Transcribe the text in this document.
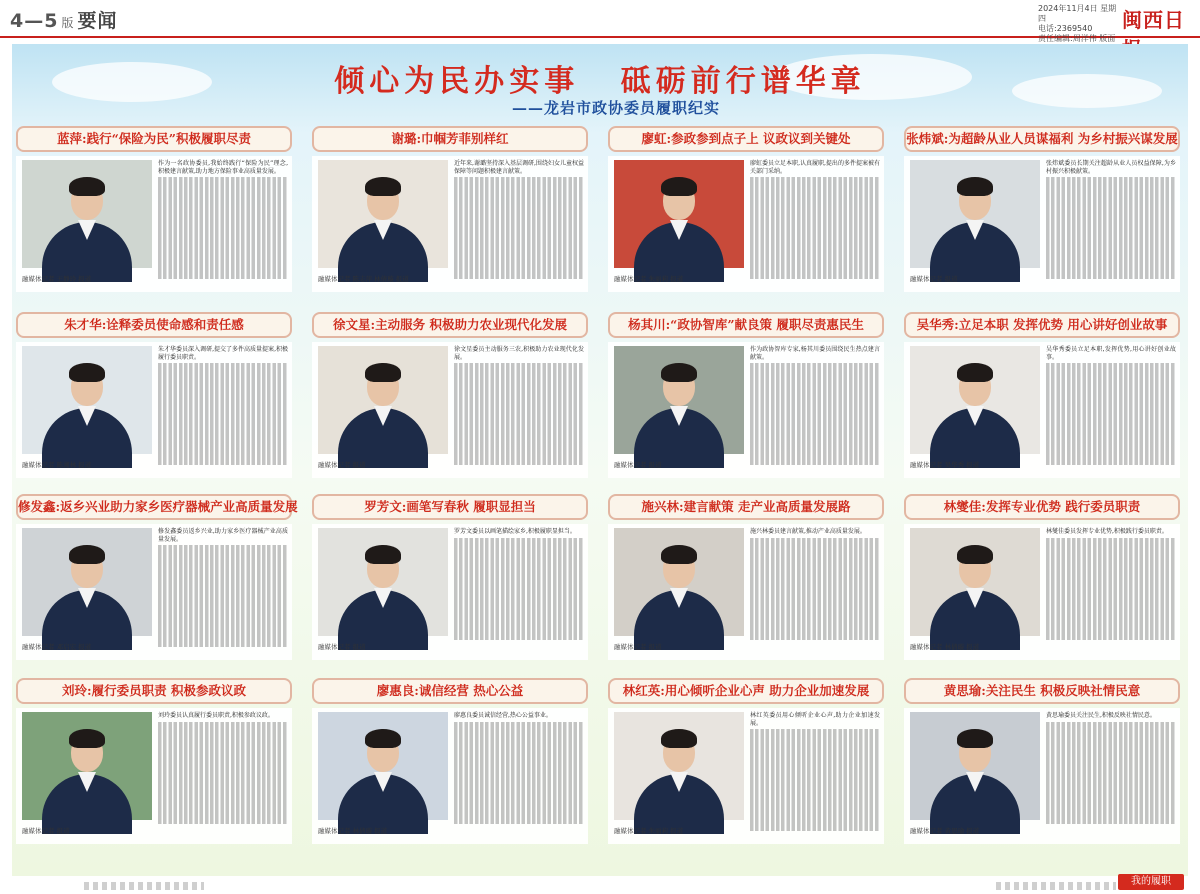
4—5 版 要闻
2024年11月4日 星期四
电话:2369540
责任编辑:周洋伟 版面
闽西日
倾心为民办实事 砥砺前行谱华章
——龙岩市政协委员履职纪实
蓝萍:践行“保险为民”积极履职尽责
融媒体记者 王静玲 报道
作为一名政协委员,我始终践行“保险为民”理念,积极建言献策,助力地方保险事业高质量发展。
谢璐:巾帼芳菲别样红
融媒体记者 陈志萍 林倩璇 报道
近年来,谢璐坚持深入基层调研,围绕妇女儿童权益保障等问题积极建言献策。
廖虹:参政参到点子上 议政议到关键处
融媒体记者 朱丽莉 报道
廖虹委员立足本职,认真履职,提出的多件提案被有关部门采纳。
张炜斌:为超龄从业人员谋福利 为乡村振兴谋发展
融媒体记者 报道
张炜斌委员长期关注超龄从业人员权益保障,为乡村振兴积极献策。
朱才华:诠释委员使命感和责任感
融媒体记者 陈湘林 报道
朱才华委员深入调研,提交了多件高质量提案,积极履行委员职责。
徐文星:主动服务 积极助力农业现代化发展
融媒体记者 报道
徐文星委员主动服务三农,积极助力农业现代化发展。
杨其川:“政协智库”献良策 履职尽责惠民生
融媒体记者 报道
作为政协智库专家,杨其川委员围绕民生热点建言献策。
吴华秀:立足本职 发挥优势 用心讲好创业故事
融媒体记者 吴华秀 报道
吴华秀委员立足本职,发挥优势,用心讲好创业故事。
修发鑫:返乡兴业助力家乡医疗器械产业高质量发展
融媒体记者 邓启宏 报道
修发鑫委员返乡兴业,助力家乡医疗器械产业高质量发展。
罗芳文:画笔写春秋 履职显担当
融媒体记者 报道
罗芳文委员以画笔描绘家乡,积极履职显担当。
施兴林:建言献策 走产业高质量发展路
融媒体记者 报道
施兴林委员建言献策,推动产业高质量发展。
林燮佳:发挥专业优势 践行委员职责
融媒体记者 林倩璇 报道
林燮佳委员发挥专业优势,积极践行委员职责。
刘玲:履行委员职责 积极参政议政
融媒体记者 报道
刘玲委员认真履行委员职责,积极参政议政。
廖惠良:诚信经营 热心公益
融媒体记者 林倩璇 报道
廖惠良委员诚信经营,热心公益事业。
林红英:用心倾听企业心声 助力企业加速发展
融媒体记者 朱丽莉 报道
林红英委员用心倾听企业心声,助力企业加速发展。
黄思瑜:关注民生 积极反映社情民意
融媒体记者 黄思瑜 报道
黄思瑜委员关注民生,积极反映社情民意。
我的履职
